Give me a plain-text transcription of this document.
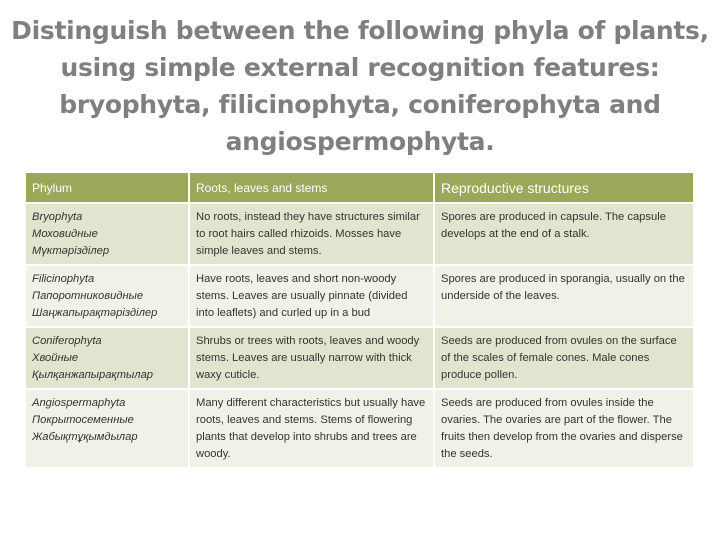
Distinguish between the following phyla of plants,
using simple external recognition features:
bryophyta, filicinophyta, coniferophyta and
angiospermophyta.
Phylum	Roots, leaves and stems	Reproductive structures

Bryophyta
Моховидные
Мүктәрізділер	No roots, instead they have structures similar to root hairs called rhizoids. Mosses have simple leaves and stems.	Spores are produced in capsule. The capsule develops at the end of a stalk.

Filicinophyta
Папоротниковидные
Шаңжапырақтәрізділер	Have roots, leaves and short non-woody stems. Leaves are usually pinnate (divided into leaflets) and curled up in a bud	Spores are produced in sporangia, usually on the underside of the leaves.

Coniferophyta
Хвойные
Қылқанжапырақтылар	Shrubs or trees with roots, leaves and woody stems. Leaves are usually narrow with thick waxy cuticle.	Seeds are produced from ovules on the surface of the scales of female cones. Male cones produce pollen.

Angiospermaphyta
Покрытосеменные
Жабықтұқымдылар	Many different characteristics but usually have roots, leaves and stems. Stems of flowering plants that develop into shrubs and trees are woody.	Seeds are produced from ovules inside the ovaries. The ovaries are part of the flower. The fruits then develop from the ovaries and disperse the seeds.
